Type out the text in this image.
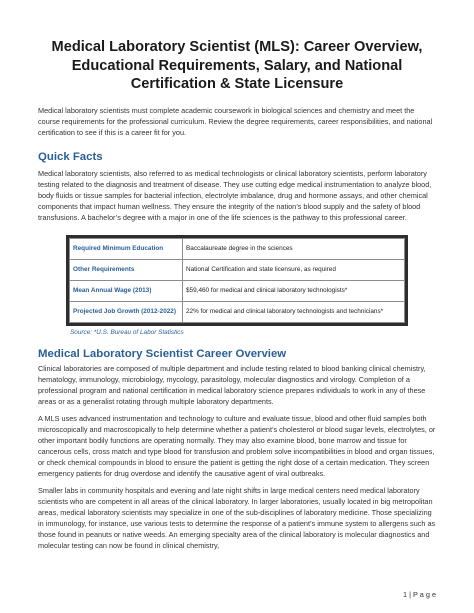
Medical Laboratory Scientist (MLS): Career Overview, Educational Requirements, Salary, and National Certification & State Licensure

Medical laboratory scientists must complete academic coursework in biological sciences and chemistry and meet the course requirements for the professional curriculum. Review the degree requirements, career responsibilities, and national certification to see if this is a career fit for you.

Quick Facts

Medical laboratory scientists, also referred to as medical technologists or clinical laboratory scientists, perform laboratory testing related to the diagnosis and treatment of disease. They use cutting edge medical instrumentation to analyze blood, body fluids or tissue samples for bacterial infection, electrolyte imbalance, drug and hormone assays, and other chemical components that impact human wellness. They ensure the integrity of the nation’s blood supply and the safety of blood transfusions. A bachelor’s degree with a major in one of the life sciences is the pathway to this professional career.

Required Minimum Education	Baccalaureate degree in the sciences
Other Requirements	National Certification and state licensure, as required
Mean Annual Wage (2013)	$59,460 for medical and clinical laboratory technologists*
Projected Job Growth (2012-2022)	22% for medical and clinical laboratory technologists and technicians*
Source: *U.S. Bureau of Labor Statistics
Medical Laboratory Scientist Career Overview

Clinical laboratories are composed of multiple department and include testing related to blood banking clinical chemistry, hematology, immunology, microbiology, mycology, parasitology, molecular diagnostics and virology. Completion of a professional program and national certification in medical laboratory science prepares individuals to work in any of these areas or as a generalist rotating through multiple laboratory departments.

A MLS uses advanced instrumentation and technology to culture and evaluate tissue, blood and other fluid samples both microscopically and macroscopically to help determine whether a patient’s cholesterol or blood sugar levels, electrolytes, or other important bodily functions are operating normally. They may also examine blood, bone marrow and tissue for cancerous cells, cross match and type blood for transfusion and problem solve incompatibilities in blood and organ tissues, or check chemical compounds in blood to ensure the patient is getting the right dose of a certain medication. They screen emergency patients for drug overdose and identify the causative agent of viral outbreaks.

Smaller labs in community hospitals and evening and late night shifts in large medical centers need medical laboratory scientists who are competent in all areas of the clinical laboratory. In larger laboratories, usually located in big metropolitan areas, medical laboratory scientists may specialize in one of the sub-disciplines of laboratory medicine. Those specializing in immunology, for instance, use various tests to determine the response of a patient’s immune system to allergens such as those found in peanuts or native weeds. An emerging specialty area of the clinical laboratory is molecular diagnostics and molecular testing can now be found in clinical chemistry,

1 | P a g e
